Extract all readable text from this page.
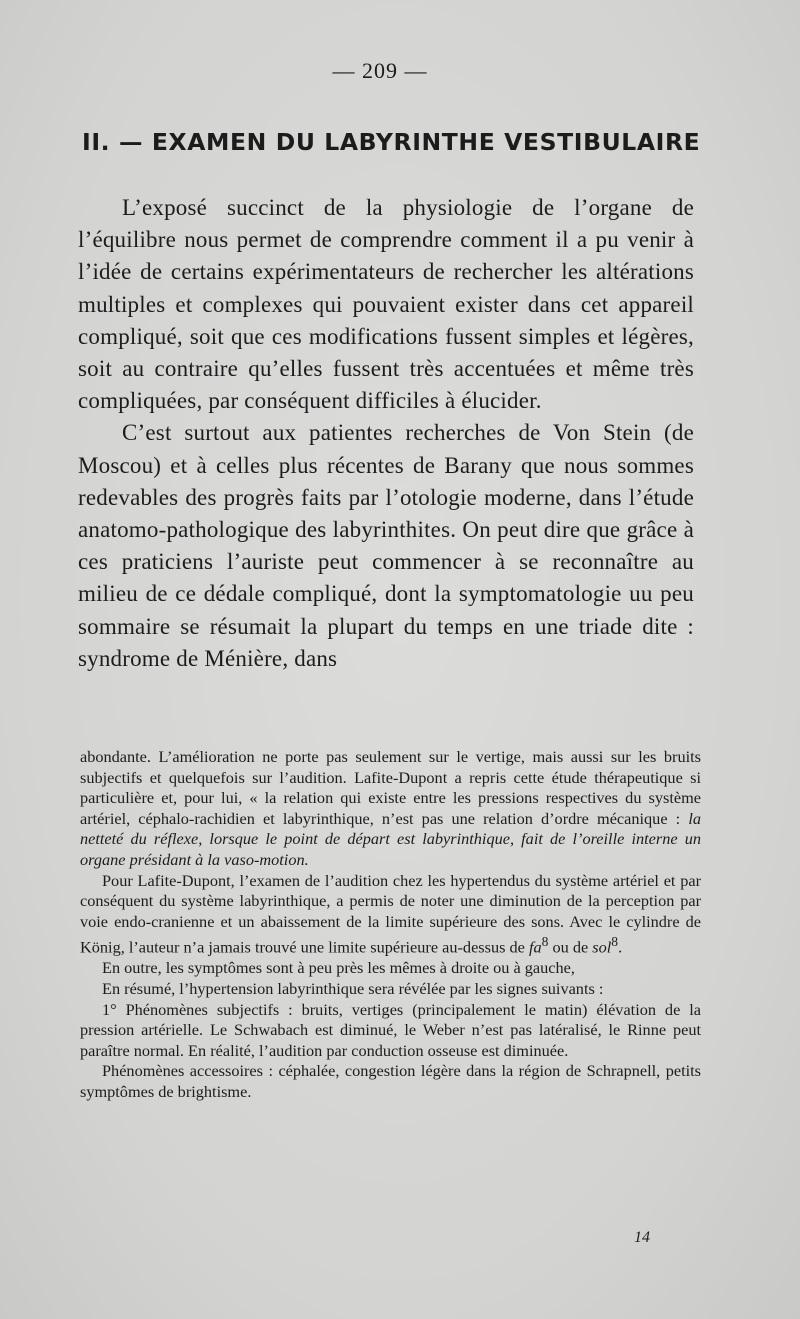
— 209 —
II. — EXAMEN DU LABYRINTHE VESTIBULAIRE

L’exposé succinct de la physiologie de l’organe de l’équilibre nous permet de comprendre comment il a pu venir à l’idée de certains expérimentateurs de rechercher les altérations multiples et complexes qui pouvaient exister dans cet appareil compliqué, soit que ces modifications fussent simples et légères, soit au contraire qu’elles fussent très accentuées et même très compliquées, par conséquent difficiles à élucider.

C’est surtout aux patientes recherches de Von Stein (de Moscou) et à celles plus récentes de Barany que nous sommes redevables des progrès faits par l’otologie moderne, dans l’étude anatomo-pathologique des labyrinthites. On peut dire que grâce à ces praticiens l’auriste peut commencer à se reconnaître au milieu de ce dédale compliqué, dont la symptomatologie uu peu sommaire se résumait la plupart du temps en une triade dite : syndrome de Ménière, dans

abondante. L’amélioration ne porte pas seulement sur le vertige, mais aussi sur les bruits subjectifs et quelquefois sur l’audition. Lafite-Dupont a repris cette étude thérapeutique si particulière et, pour lui, « la relation qui existe entre les pressions respectives du système artériel, céphalo-rachidien et labyrinthique, n’est pas une relation d’ordre mécanique : la netteté du réflexe, lorsque le point de départ est labyrinthique, fait de l’oreille interne un organe présidant à la vaso-motion.

Pour Lafite-Dupont, l’examen de l’audition chez les hypertendus du système artériel et par conséquent du système labyrinthique, a permis de noter une diminution de la perception par voie endo-cranienne et un abaissement de la limite supérieure des sons. Avec le cylindre de König, l’auteur n’a jamais trouvé une limite supérieure au-dessus de $fa^8$ ou de sol$^8$.

En outre, les symptômes sont à peu près les mêmes à droite ou à gauche,

En résumé, l’hypertension labyrinthique sera révélée par les signes suivants :

1° Phénomènes subjectifs : bruits, vertiges (principalement le matin) élévation de la pression artérielle. Le Schwabach est diminué, le Weber n’est pas latéralisé, le Rinne peut paraître normal. En réalité, l’audition par conduction osseuse est diminuée.

Phénomènes accessoires : céphalée, congestion légère dans la région de Schrapnell, petits symptômes de brightisme.

14
